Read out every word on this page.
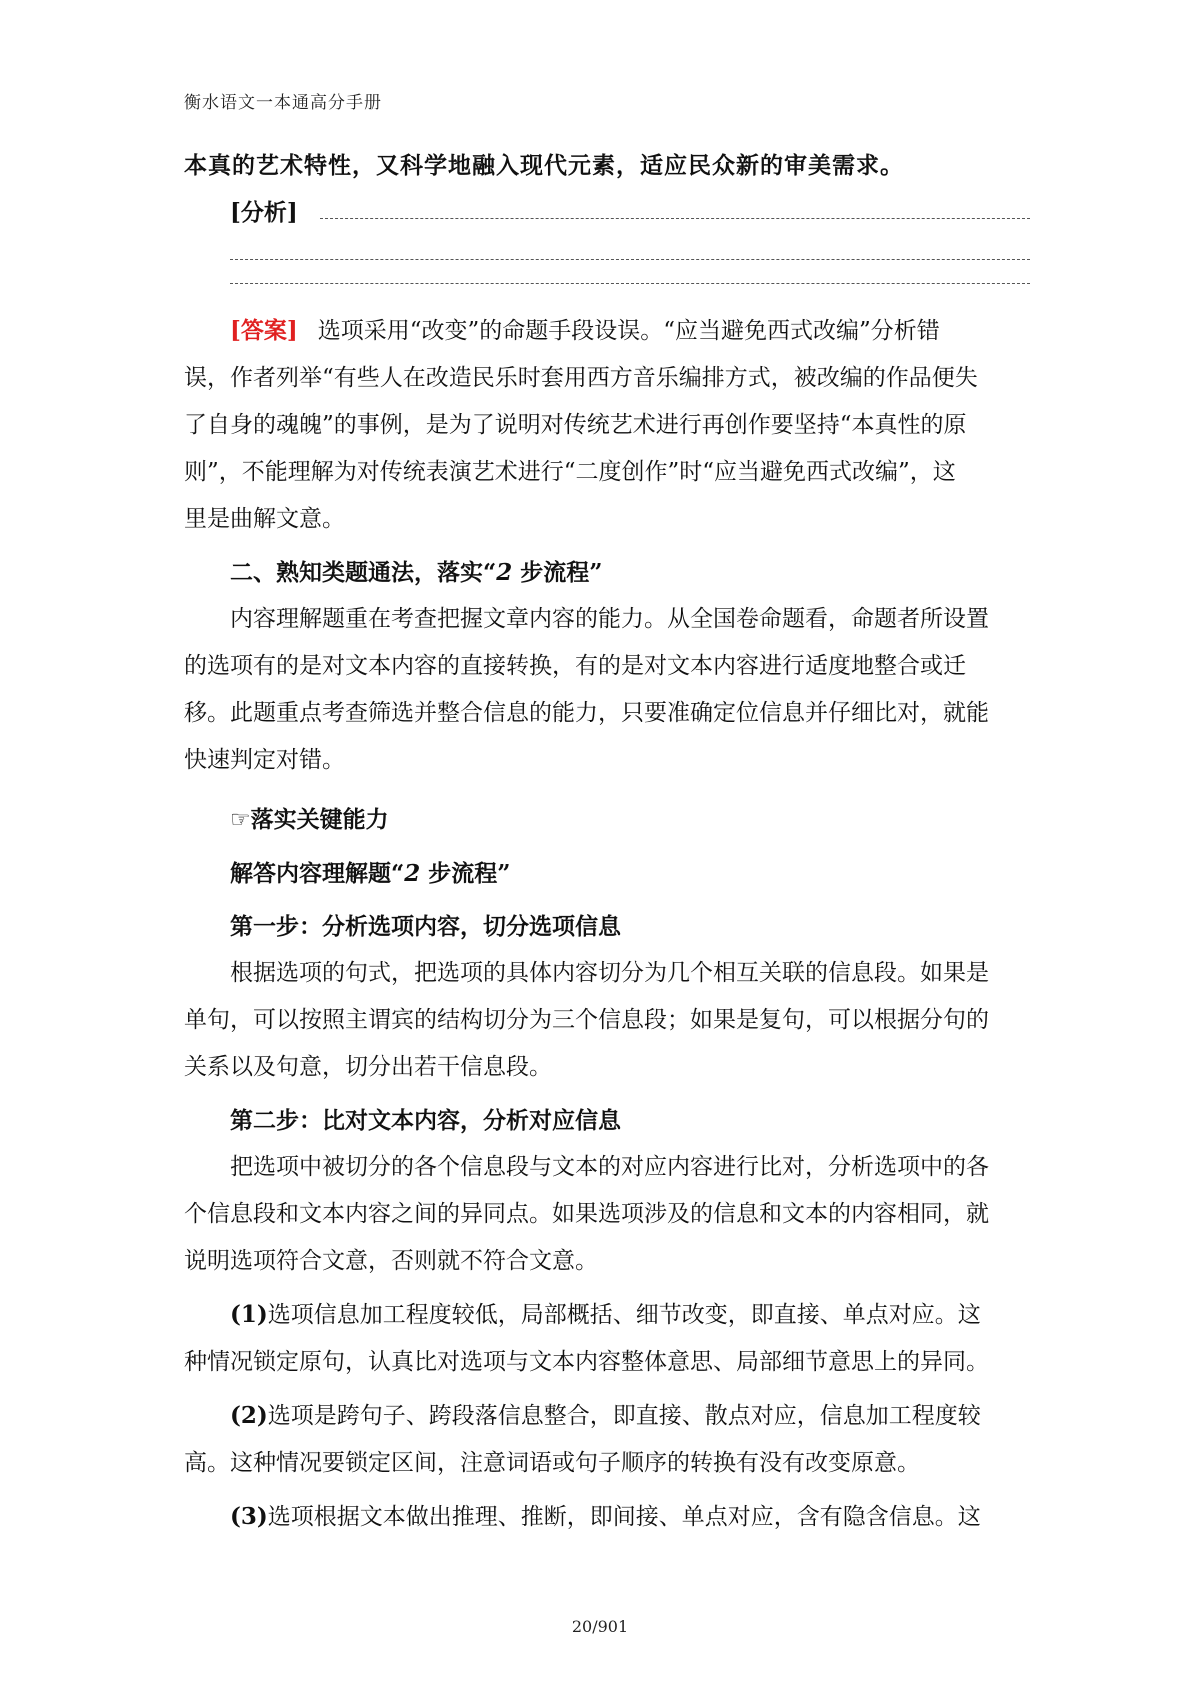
衡水语文一本通高分手册
本真的艺术特性，又科学地融入现代元素，适应民众新的审美需求。
[分析]
[答案] 选项采用“改变”的命题手段设误。“应当避免西式改编”分析错
误，作者列举“有些人在改造民乐时套用西方音乐编排方式，被改编的作品便失
了自身的魂魄”的事例，是为了说明对传统艺术进行再创作要坚持“本真性的原
则”，不能理解为对传统表演艺术进行“二度创作”时“应当避免西式改编”，这
里是曲解文意。
二、熟知类题通法，落实“2 步流程”
内容理解题重在考查把握文章内容的能力。从全国卷命题看，命题者所设置
的选项有的是对文本内容的直接转换，有的是对文本内容进行适度地整合或迁
移。此题重点考查筛选并整合信息的能力，只要准确定位信息并仔细比对，就能
快速判定对错。
☞落实关键能力
解答内容理解题“2 步流程”
第一步：分析选项内容，切分选项信息
根据选项的句式，把选项的具体内容切分为几个相互关联的信息段。如果是
单句，可以按照主谓宾的结构切分为三个信息段；如果是复句，可以根据分句的
关系以及句意，切分出若干信息段。
第二步：比对文本内容，分析对应信息
把选项中被切分的各个信息段与文本的对应内容进行比对，分析选项中的各
个信息段和文本内容之间的异同点。如果选项涉及的信息和文本的内容相同，就
说明选项符合文意，否则就不符合文意。
(1)选项信息加工程度较低，局部概括、细节改变，即直接、单点对应。这
种情况锁定原句，认真比对选项与文本内容整体意思、局部细节意思上的异同。
(2)选项是跨句子、跨段落信息整合，即直接、散点对应，信息加工程度较
高。这种情况要锁定区间，注意词语或句子顺序的转换有没有改变原意。
(3)选项根据文本做出推理、推断，即间接、单点对应，含有隐含信息。这
20/901
